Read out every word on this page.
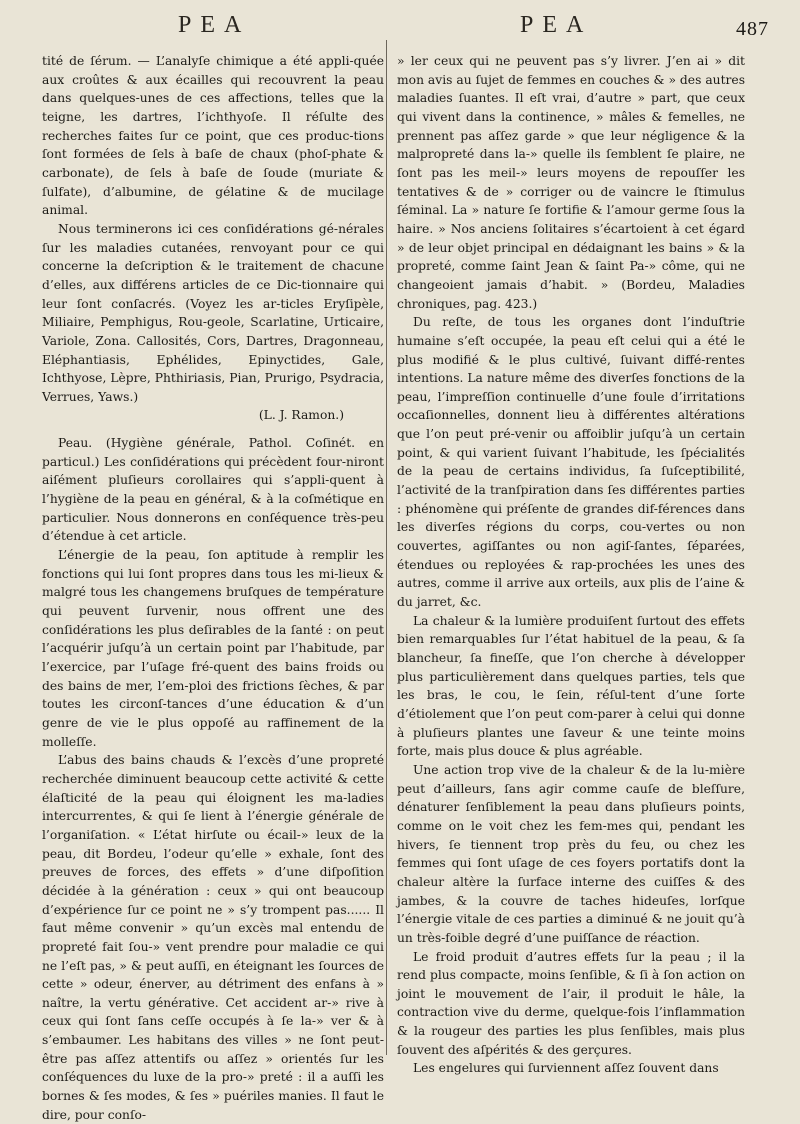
PEA	PEA	487

tité de ſérum. — L’analyſe chimique a été appli-quée aux croûtes & aux écailles qui recouvrent la peau dans quelques-unes de ces affections, telles que la teigne, les dartres, l’ichthyoſe. Il réſulte des recherches faites ſur ce point, que ces produc-tions ſont formées de ſels à baſe de chaux (phoſ-phate & carbonate), de ſels à baſe de ſoude (muriate & ſulfate), d’albumine, de gélatine & de mucilage animal.

Nous terminerons ici ces conſidérations gé-nérales ſur les maladies cutanées, renvoyant pour ce qui concerne la deſcription & le traitement de chacune d’elles, aux différens articles de ce Dic-tionnaire qui leur ſont conſacrés. (Voyez les ar-ticles Eryſipèle, Miliaire, Pemphigus, Rou-geole, Scarlatine, Urticaire, Variole, Zona. Callosités, Cors, Dartres, Dragonneau, Eléphantiasis, Ephélides, Epinyctides, Gale, Ichthyose, Lèpre, Phthiriasis, Pian, Prurigo, Psydracia, Verrues, Yaws.)

(L. J. Ramon.)

Peau. (Hygiène générale, Pathol. Coſinét. en particul.) Les conſidérations qui précèdent four-niront aiſément pluſieurs corollaires qui s’appli-quent à l’hygiène de la peau en général, & à la coſmétique en particulier. Nous donnerons en conſéquence très-peu d’étendue à cet article.

L’énergie de la peau, ſon aptitude à remplir les fonctions qui lui ſont propres dans tous les mi-lieux & malgré tous les changemens bruſques de température qui peuvent ſurvenir, nous offrent une des conſidérations les plus deſirables de la ſanté : on peut l’acquérir juſqu’à un certain point par l’habitude, par l’exercice, par l’uſage fré-quent des bains froids ou des bains de mer, l’em-ploi des frictions ſèches, & par toutes les circonſ-tances d’une éducation & d’un genre de vie le plus oppoſé au raffinement de la molleſſe.

L’abus des bains chauds & l’excès d’une propreté recherchée diminuent beaucoup cette activité & cette élaſticité de la peau qui éloignent les ma-ladies intercurrentes, & qui ſe lient à l’énergie générale de l’organiſation. « L’état hirſute ou écail-» leux de la peau, dit Bordeu, l’odeur qu’elle » exhale, ſont des preuves de forces, des effets » d’une diſpoſition décidée à la génération : ceux » qui ont beaucoup d’expérience ſur ce point ne » s’y trompent pas...... Il faut même convenir » qu’un excès mal entendu de propreté fait ſou-» vent prendre pour maladie ce qui ne l’eſt pas, » & peut auſſi, en éteignant les ſources de cette » odeur, énerver, au détriment des enfans à » naître, la vertu générative. Cet accident ar-» rive à ceux qui ſont ſans ceſſe occupés à ſe la-» ver & à s’embaumer. Les habitans des villes » ne ſont peut-être pas aſſez attentifs ou aſſez » orientés ſur les conſéquences du luxe de la pro-» preté : il a auſſi les bornes & ſes modes, & ſes » puériles manies. Il faut le dire, pour conſo-

» ler ceux qui ne peuvent pas s’y livrer. J’en ai » dit mon avis au ſujet de femmes en couches & » des autres maladies ſuantes. Il eſt vrai, d’autre » part, que ceux qui vivent dans la continence, » mâles & femelles, ne prennent pas aſſez garde » que leur négligence & la malpropreté dans la-» quelle ils ſemblent ſe plaire, ne ſont pas les meil-» leurs moyens de repouſſer les tentatives & de » corriger ou de vaincre le ſtimulus ſéminal. La » nature ſe fortifie & l’amour germe ſous la haire. » Nos anciens ſolitaires s’écartoient à cet égard » de leur objet principal en dédaignant les bains » & la propreté, comme ſaint Jean & ſaint Pa-» côme, qui ne changeoient jamais d’habit. » (Bordeu, Maladies chroniques, pag. 423.)

Du reſte, de tous les organes dont l’induſtrie humaine s’eſt occupée, la peau eſt celui qui a été le plus modifié & le plus cultivé, ſuivant diffé-rentes intentions. La nature même des diverſes fonctions de la peau, l’impreſſion continuelle d’une foule d’irritations occaſionnelles, donnent lieu à différentes altérations que l’on peut pré-venir ou affoiblir juſqu’à un certain point, & qui varient ſuivant l’habitude, les ſpécialités de la peau de certains individus, ſa ſuſceptibilité, l’activité de la tranſpiration dans ſes différentes parties : phénomène qui préſente de grandes dif-férences dans les diverſes régions du corps, cou-vertes ou non couvertes, agiſſantes ou non agiſ-ſantes, ſéparées, étendues ou reployées & rap-prochées les unes des autres, comme il arrive aux orteils, aux plis de l’aine & du jarret, &c.

La chaleur & la lumière produiſent ſurtout des effets bien remarquables ſur l’état habituel de la peau, & ſa blancheur, ſa fineſſe, que l’on cherche à développer plus particulièrement dans quelques parties, tels que les bras, le cou, le ſein, réſul-tent d’une ſorte d’étiolement que l’on peut com-parer à celui qui donne à pluſieurs plantes une ſaveur & une teinte moins forte, mais plus douce & plus agréable.

Une action trop vive de la chaleur & de la lu-mière peut d’ailleurs, ſans agir comme cauſe de bleſſure, dénaturer ſenſiblement la peau dans pluſieurs points, comme on le voit chez les fem-mes qui, pendant les hivers, ſe tiennent trop près du feu, ou chez les femmes qui ſont uſage de ces foyers portatifs dont la chaleur altère la ſurface interne des cuiſſes & des jambes, & la couvre de taches hideuſes, lorſque l’énergie vitale de ces parties a diminué & ne jouit qu’à un très-foible degré d’une puiſſance de réaction.

Le froid produit d’autres effets ſur la peau ; il la rend plus compacte, moins ſenſible, & ſi à ſon action on joint le mouvement de l’air, il produit le hâle, la contraction vive du derme, quelque-fois l’inflammation & la rougeur des parties les plus ſenſibles, mais plus ſouvent des aſpérités & des gerçures.

Les engelures qui ſurviennent aſſez ſouvent dans
